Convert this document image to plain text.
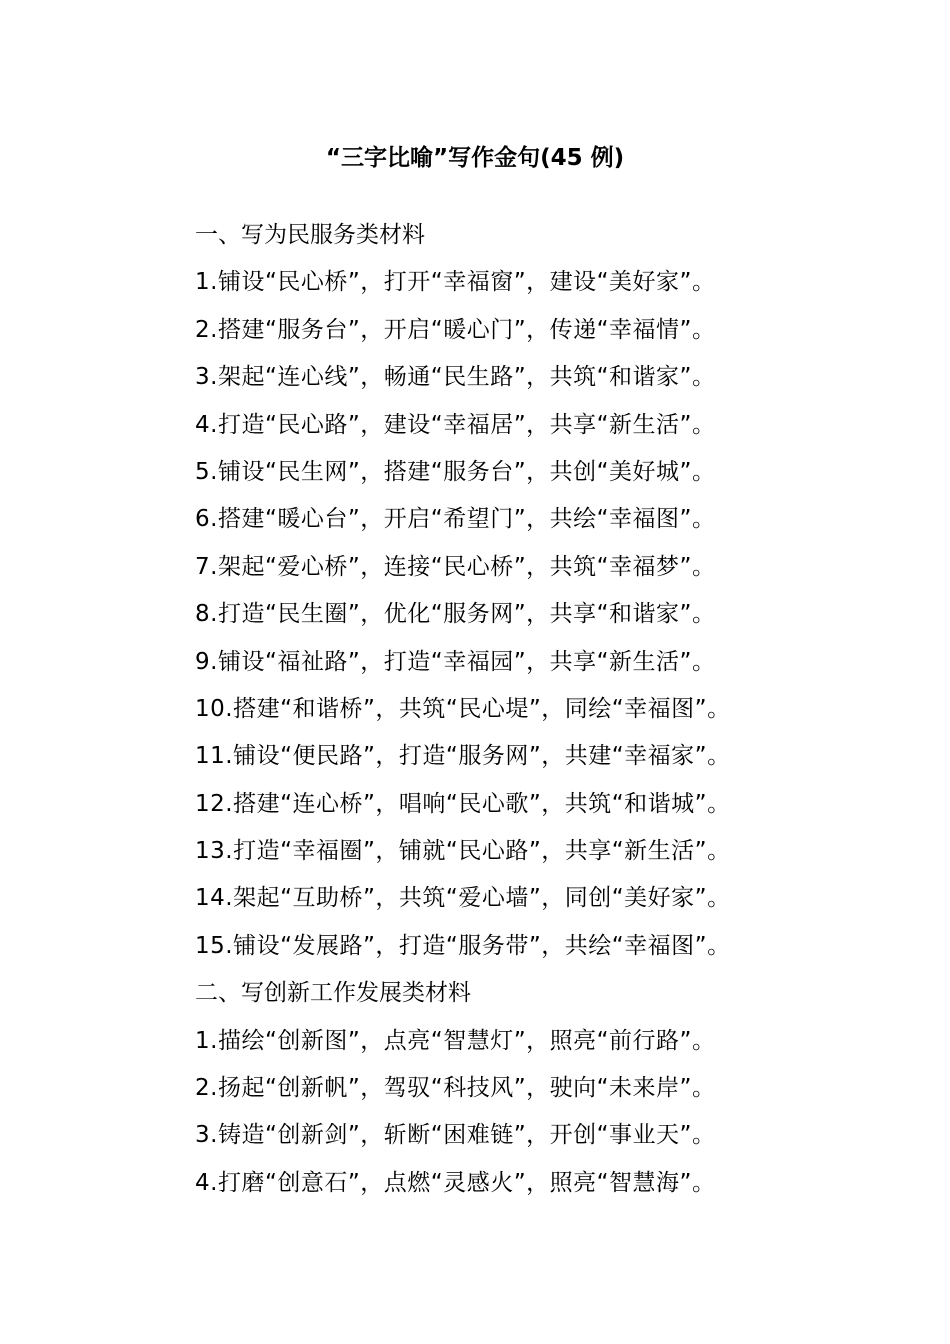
“三字比喻”写作金句(45 例)
一、写为民服务类材料
1.铺设“民心桥”，打开“幸福窗”，建设“美好家”。
2.搭建“服务台”，开启“暖心门”，传递“幸福情”。
3.架起“连心线”，畅通“民生路”，共筑“和谐家”。
4.打造“民心路”，建设“幸福居”，共享“新生活”。
5.铺设“民生网”，搭建“服务台”，共创“美好城”。
6.搭建“暖心台”，开启“希望门”，共绘“幸福图”。
7.架起“爱心桥”，连接“民心桥”，共筑“幸福梦”。
8.打造“民生圈”，优化“服务网”，共享“和谐家”。
9.铺设“福祉路”，打造“幸福园”，共享“新生活”。
10.搭建“和谐桥”，共筑“民心堤”，同绘“幸福图”。
11.铺设“便民路”，打造“服务网”，共建“幸福家”。
12.搭建“连心桥”，唱响“民心歌”，共筑“和谐城”。
13.打造“幸福圈”，铺就“民心路”，共享“新生活”。
14.架起“互助桥”，共筑“爱心墙”，同创“美好家”。
15.铺设“发展路”，打造“服务带”，共绘“幸福图”。
二、写创新工作发展类材料
1.描绘“创新图”，点亮“智慧灯”，照亮“前行路”。
2.扬起“创新帆”，驾驭“科技风”，驶向“未来岸”。
3.铸造“创新剑”，斩断“困难链”，开创“事业天”。
4.打磨“创意石”，点燃“灵感火”，照亮“智慧海”。
